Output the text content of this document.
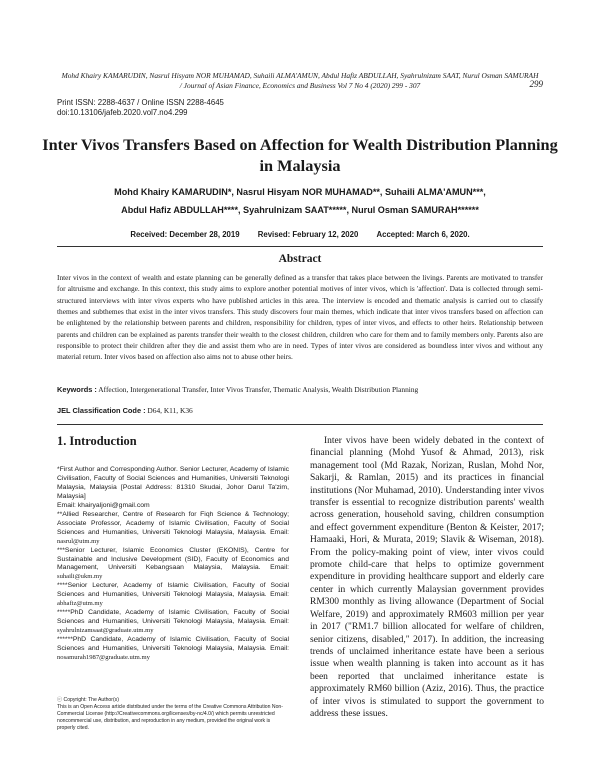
Mohd Khairy KAMARUDIN, Nasrul Hisyam NOR MUHAMAD, Suhaili ALMA'AMUN, Abdul Hafiz ABDULLAH, Syahrulnizam SAAT, Nurul Osman SAMURAH
/ Journal of Asian Finance, Economics and Business Vol 7 No 4 (2020) 299 - 307	299
Print ISSN: 2288-4637 / Online ISSN 2288-4645
doi:10.13106/jafeb.2020.vol7.no4.299
Inter Vivos Transfers Based on Affection for Wealth Distribution Planning in Malaysia
Mohd Khairy KAMARUDIN*, Nasrul Hisyam NOR MUHAMAD**, Suhaili ALMA'AMUN***,
Abdul Hafiz ABDULLAH****, Syahrulnizam SAAT*****, Nurul Osman SAMURAH******
Received: December 28, 2019 Revised: February 12, 2020 Accepted: March 6, 2020.
Abstract
Inter vivos in the context of wealth and estate planning can be generally defined as a transfer that takes place between the livings. Parents are motivated to transfer for altruisme and exchange. In this context, this study aims to explore another potential motives of inter vivos, which is 'affection'. Data is collected through semi-structured interviews with inter vivos experts who have published articles in this area. The interview is encoded and thematic analysis is carried out to classify themes and subthemes that exist in the inter vivos transfers. This study discovers four main themes, which indicate that inter vivos transfers based on affection can be enlightened by the relationship between parents and children, responsibility for children, types of inter vivos, and effects to other heirs. Relationship between parents and children can be explained as parents transfer their wealth to the closest children, children who care for them and to family members only. Parents also are responsible to protect their children after they die and assist them who are in need. Types of inter vivos are considered as boundless inter vivos and without any material return. Inter vivos based on affection also aims not to abuse other heirs.
Keywords : Affection, Intergenerational Transfer, Inter Vivos Transfer, Thematic Analysis, Wealth Distribution Planning
JEL Classification Code : D64, K11, K36
1. Introduction

*First Author and Corresponding Author. Senior Lecturer, Academy of Islamic Civilisation, Faculty of Social Sciences and Humanities, Universiti Teknologi Malaysia, Malaysia [Postal Address: 81310 Skudai, Johor Darul Ta'zim, Malaysia]
Email: khairyaljoni@gmail.com

**Allied Researcher, Centre of Research for Fiqh Science & Technology; Associate Professor, Academy of Islamic Civilisation, Faculty of Social Sciences and Humanities, Universiti Teknologi Malaysia, Malaysia. Email: nasrul@utm.my

***Senior Lecturer, Islamic Economics Cluster (EKONIS), Centre for Sustainable and Inclusive Development (SID), Faculty of Economics and Management, Universiti Kebangsaan Malaysia, Malaysia. Email: suhaili@ukm.my

****Senior Lecturer, Academy of Islamic Civilisation, Faculty of Social Sciences and Humanities, Universiti Teknologi Malaysia, Malaysia. Email: abhafiz@utm.my

*****PhD Candidate, Academy of Islamic Civilisation, Faculty of Social Sciences and Humanities, Universiti Teknologi Malaysia, Malaysia. Email: syahrulnizamsaat@graduate.utm.my

******PhD Candidate, Academy of Islamic Civilisation, Faculty of Social Sciences and Humanities, Universiti Teknologi Malaysia, Malaysia. Email: nosamurah1987@graduate.utm.my

ⓒ Copyright: The Author(s)

This is an Open Access article distributed under the terms of the Creative Commons Attribution Non-Commercial License (http://Creativecommons.org/licenses/by-nc/4.0/) which permits unrestricted noncommercial use, distribution, and reproduction in any medium, provided the original work is properly cited.

Inter vivos have been widely debated in the context of financial planning (Mohd Yusof & Ahmad, 2013), risk management tool (Md Razak, Norizan, Ruslan, Mohd Nor, Sakarji, & Ramlan, 2015) and its practices in financial institutions (Nor Muhamad, 2010). Understanding inter vivos transfer is essential to recognize distribution parents' wealth across generation, household saving, children consumption and effect government expenditure (Benton & Keister, 2017; Hamaaki, Hori, & Murata, 2019; Slavik & Wiseman, 2018). From the policy-making point of view, inter vivos could promote child-care that helps to optimize government expenditure in providing healthcare support and elderly care center in which currently Malaysian government provides RM300 monthly as living allowance (Department of Social Welfare, 2019) and approximately RM603 million per year in 2017 ("RM1.7 billion allocated for welfare of children, senior citizens, disabled," 2017). In addition, the increasing trends of unclaimed inheritance estate have been a serious issue when wealth planning is taken into account as it has been reported that unclaimed inheritance estate is approximately RM60 billion (Aziz, 2016). Thus, the practice of inter vivos is stimulated to support the government to address these issues.
